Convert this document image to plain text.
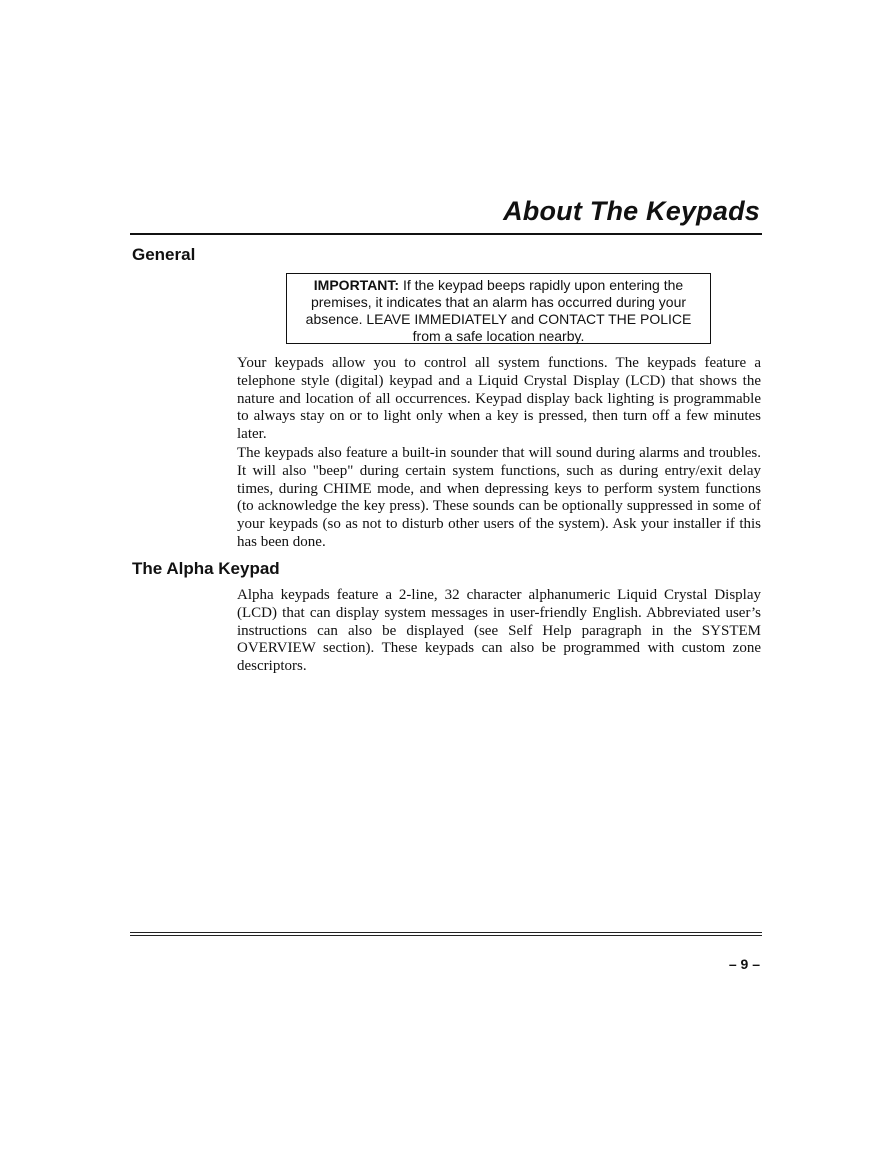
About The Keypads
General
IMPORTANT: If the keypad beeps rapidly upon entering the premises, it indicates that an alarm has occurred during your absence. LEAVE IMMEDIATELY and CONTACT THE POLICE from a safe location nearby.

Your keypads allow you to control all system functions. The keypads feature a telephone style (digital) keypad and a Liquid Crystal Display (LCD) that shows the nature and location of all occurrences. Keypad display back lighting is programmable to always stay on or to light only when a key is pressed, then turn off a few minutes later.

The keypads also feature a built-in sounder that will sound during alarms and troubles. It will also "beep" during certain system functions, such as during entry/exit delay times, during CHIME mode, and when depressing keys to perform system functions (to acknowledge the key press). These sounds can be optionally suppressed in some of your keypads (so as not to disturb other users of the system). Ask your installer if this has been done.

The Alpha Keypad

Alpha keypads feature a 2-line, 32 character alphanumeric Liquid Crystal Display (LCD) that can display system messages in user-friendly English. Abbreviated user’s instructions can also be displayed (see Self Help paragraph in the SYSTEM OVERVIEW section). These keypads can also be programmed with custom zone descriptors.

– 9 –
